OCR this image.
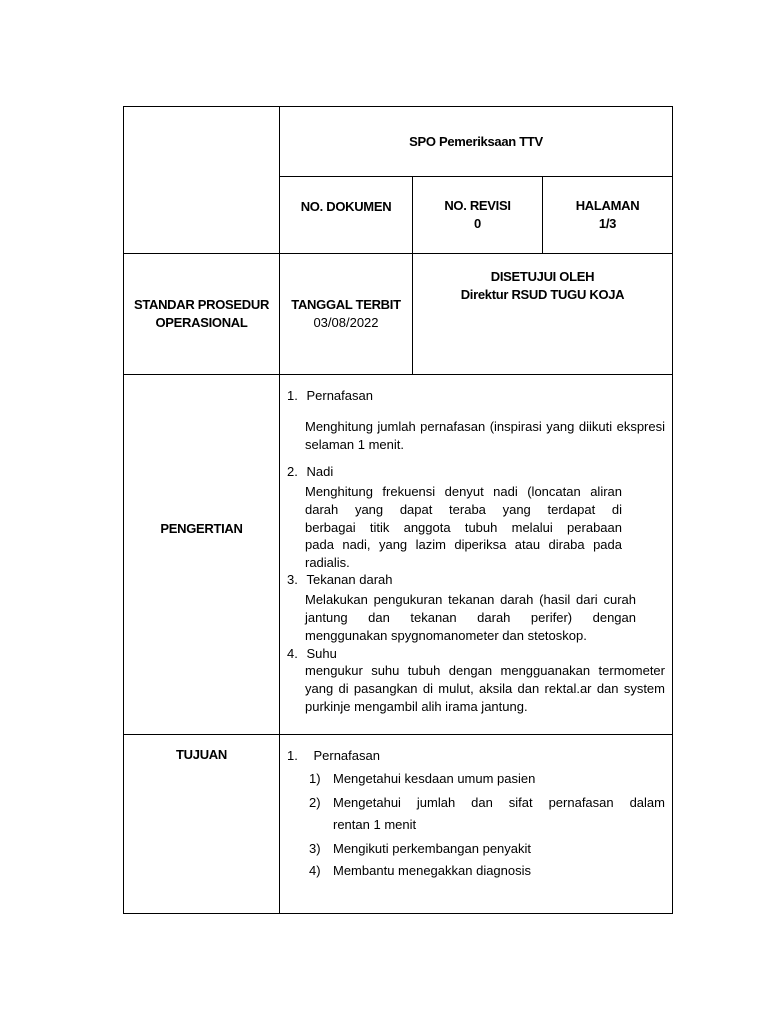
SPO Pemeriksaan TTV
NO. DOKUMEN	NO. REVISI
0
HALAMAN
1/3
STANDAR PROSEDUR
OPERASIONAL
TANGGAL TERBIT
03/08/2022
DISETUJUI OLEH
Direktur RSUD TUGU KOJA
PENGERTIAN
1. Pernafasan
Menghitung jumlah pernafasan (inspirasi yang diikuti ekspresi selaman 1 menit.
2. Nadi
Menghitung frekuensi denyut nadi (loncatan aliran
darah yang dapat teraba yang terdapat di
berbagai titik anggota tubuh melalui perabaan
pada nadi, yang lazim diperiksa atau diraba pada
radialis.
3. Tekanan darah
Melakukan pengukuran tekanan darah (hasil dari curah jantung dan tekanan darah perifer) dengan menggunakan spygnomanometer dan stetoskop.
4. Suhu
mengukur suhu tubuh dengan mengguanakan termometer yang di pasangkan di mulut, aksila dan rektal.ar dan system purkinje mengambil alih irama jantung.
TUJUAN	1. Pernafasan
1) Mengetahui kesdaan umum pasien
2) Mengetahui jumlah dan sifat pernafasan dalam
rentan 1 menit
3) Mengikuti perkembangan penyakit
4) Membantu menegakkan diagnosis
